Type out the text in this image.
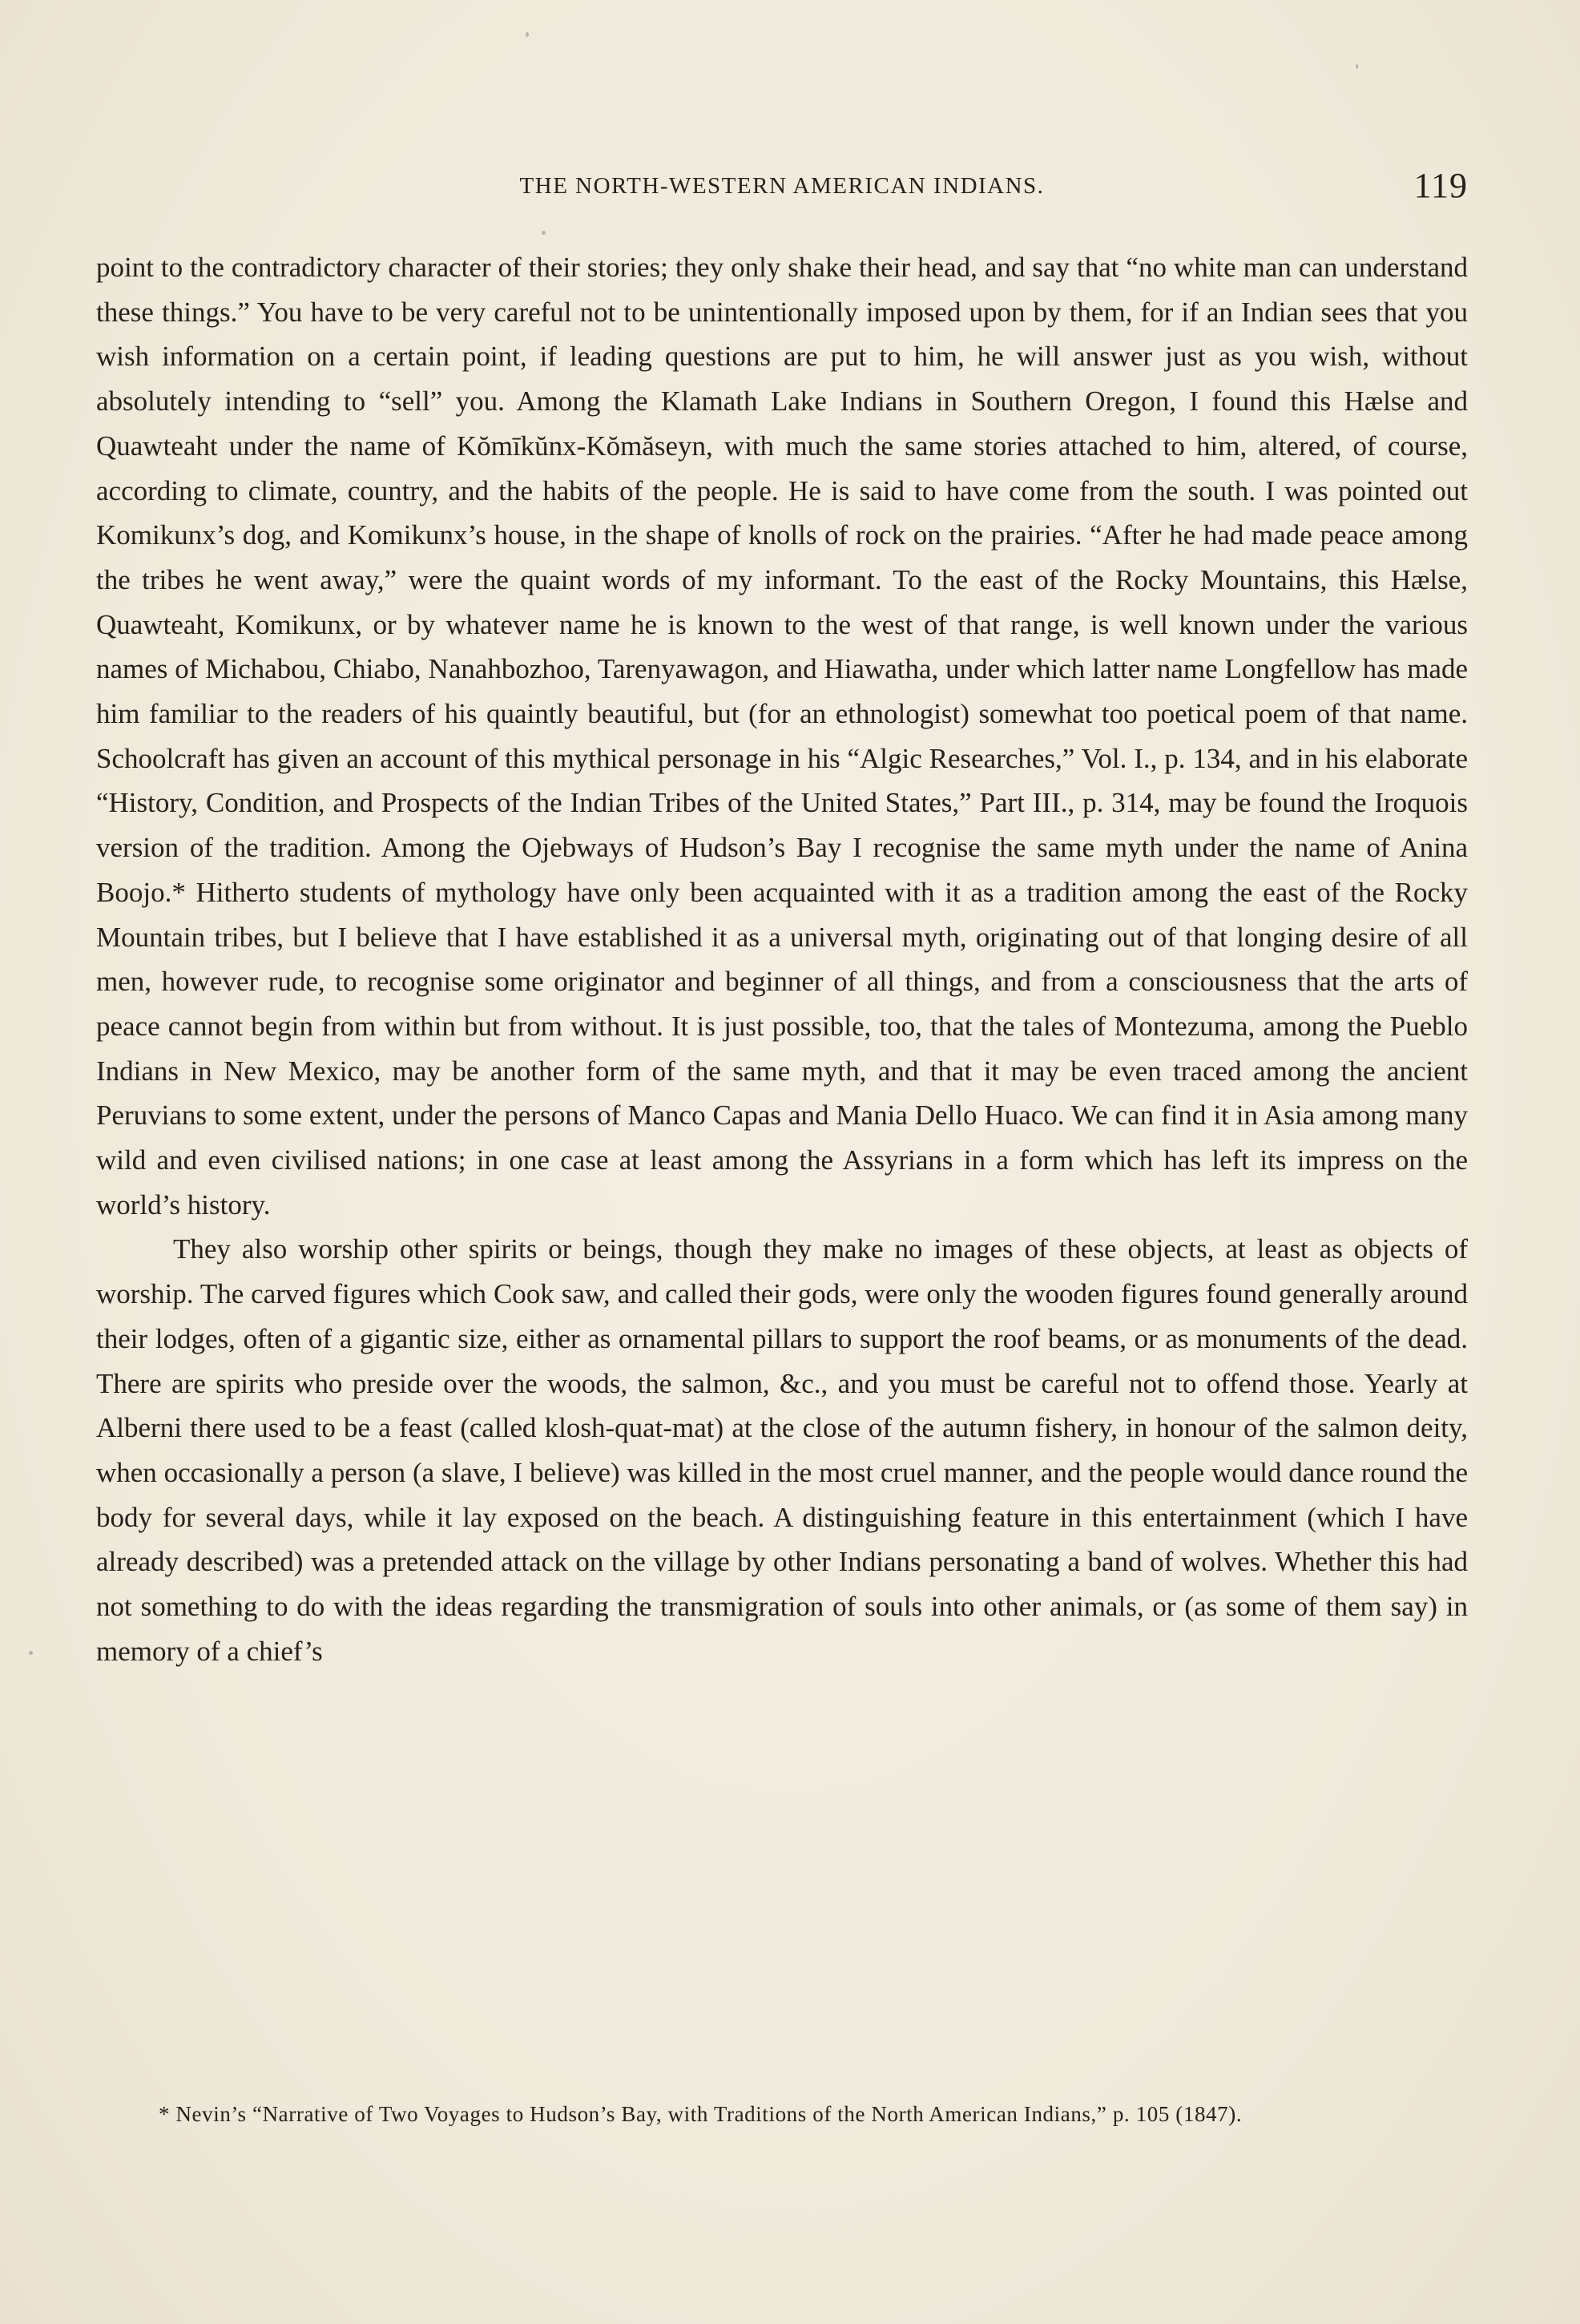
THE NORTH-WESTERN AMERICAN INDIANS.	119

point to the contradictory character of their stories; they only shake their head, and say that “no white man can understand these things.” You have to be very careful not to be unintentionally imposed upon by them, for if an Indian sees that you wish information on a certain point, if leading questions are put to him, he will answer just as you wish, without absolutely intending to “sell” you. Among the Klamath Lake Indians in Southern Oregon, I found this Hælse and Quawteaht under the name of Kŏmīkŭnx-Kŏmăseyn, with much the same stories attached to him, altered, of course, according to climate, country, and the habits of the people. He is said to have come from the south. I was pointed out Komikunx’s dog, and Komikunx’s house, in the shape of knolls of rock on the prairies. “After he had made peace among the tribes he went away,” were the quaint words of my informant. To the east of the Rocky Mountains, this Hælse, Quawteaht, Komikunx, or by whatever name he is known to the west of that range, is well known under the various names of Michabou, Chiabo, Nanahbozhoo, Tarenyawagon, and Hiawatha, under which latter name Longfellow has made him familiar to the readers of his quaintly beautiful, but (for an ethnologist) somewhat too poetical poem of that name. Schoolcraft has given an account of this mythical personage in his “Algic Researches,” Vol. I., p. 134, and in his elaborate “History, Condition, and Prospects of the Indian Tribes of the United States,” Part III., p. 314, may be found the Iroquois version of the tradition. Among the Ojebways of Hudson’s Bay I recognise the same myth under the name of Anina Boojo.* Hitherto students of mythology have only been acquainted with it as a tradition among the east of the Rocky Mountain tribes, but I believe that I have established it as a universal myth, originating out of that longing desire of all men, however rude, to recognise some originator and beginner of all things, and from a consciousness that the arts of peace cannot begin from within but from without. It is just possible, too, that the tales of Montezuma, among the Pueblo Indians in New Mexico, may be another form of the same myth, and that it may be even traced among the ancient Peruvians to some extent, under the persons of Manco Capas and Mania Dello Huaco. We can find it in Asia among many wild and even civilised nations; in one case at least among the Assyrians in a form which has left its impress on the world’s history.

They also worship other spirits or beings, though they make no images of these objects, at least as objects of worship. The carved figures which Cook saw, and called their gods, were only the wooden figures found generally around their lodges, often of a gigantic size, either as ornamental pillars to support the roof beams, or as monuments of the dead. There are spirits who preside over the woods, the salmon, &c., and you must be careful not to offend those. Yearly at Alberni there used to be a feast (called klosh-quat-mat) at the close of the autumn fishery, in honour of the salmon deity, when occasionally a person (a slave, I believe) was killed in the most cruel manner, and the people would dance round the body for several days, while it lay exposed on the beach. A distinguishing feature in this entertainment (which I have already described) was a pretended attack on the village by other Indians personating a band of wolves. Whether this had not something to do with the ideas regarding the transmigration of souls into other animals, or (as some of them say) in memory of a chief’s

* Nevin’s “Narrative of Two Voyages to Hudson’s Bay, with Traditions of the North American Indians,” p. 105 (1847).
